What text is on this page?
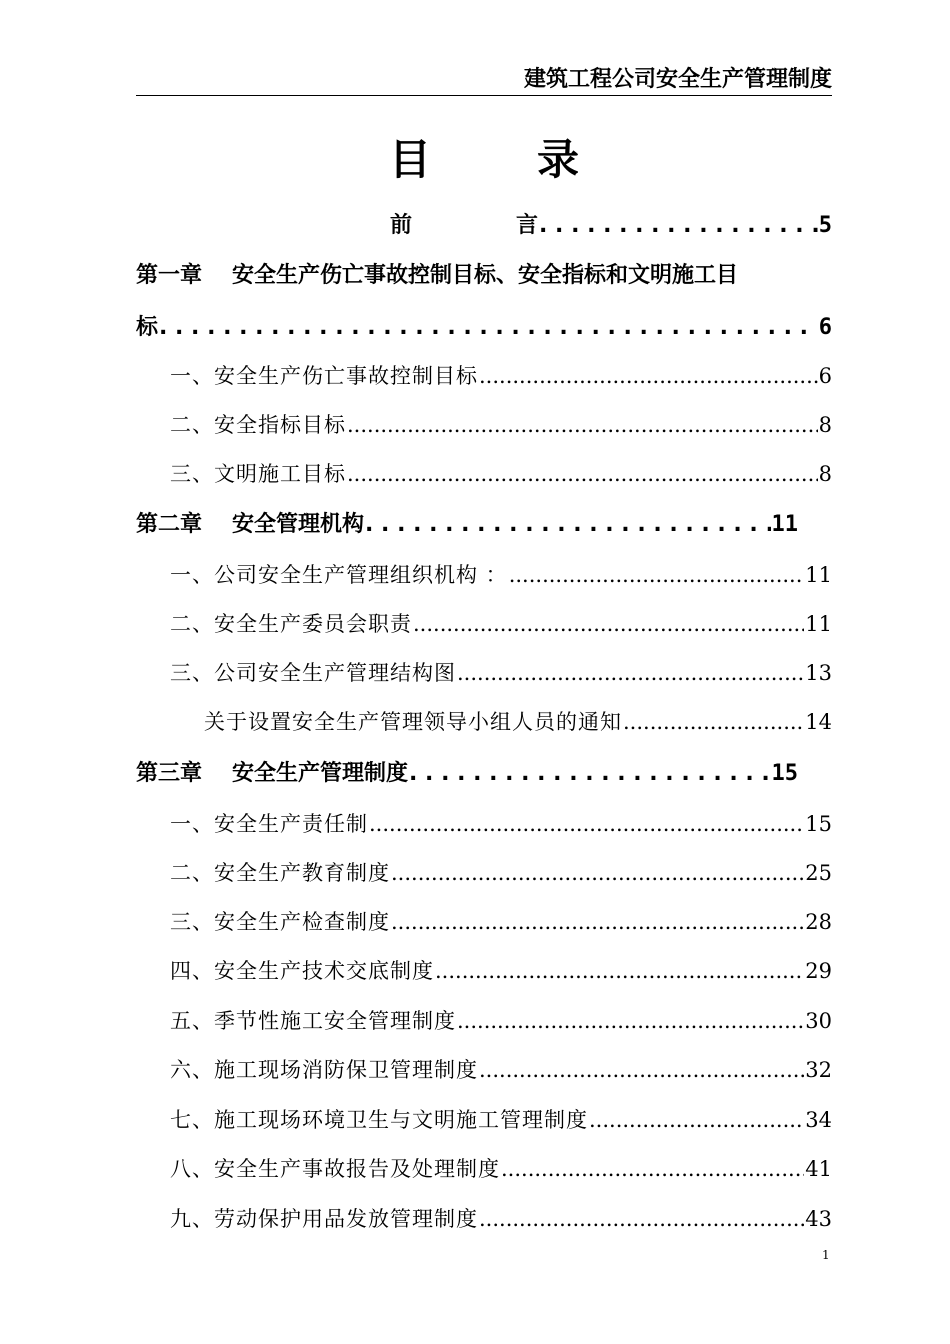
建筑工程公司安全生产管理制度
目录
前	言 . . .	5
第一章 安全生产伤亡事故控制目标、安全指标和文明施工目
标 . . .	6
一、安全生产伤亡事故控制目标 .....	6
二、安全指标目标 .....	8
三、文明施工目标 .....	8
第二章 安全管理机构 . . .	11
一、公司安全生产管理组织机构 ： .....	11
二、安全生产委员会职责 .....	11
三、公司安全生产管理结构图 .....	13
关于设置安全生产管理领导小组人员的通知 .....	14
第三章 安全生产管理制度 . . .	15
一、安全生产责任制 .....	15
二、安全生产教育制度 .....	25
三、安全生产检查制度 .....	28
四、安全生产技术交底制度 .....	29
五、季节性施工安全管理制度 .....	30
六、施工现场消防保卫管理制度 .....	32
七、施工现场环境卫生与文明施工管理制度 .....	34
八、安全生产事故报告及处理制度 .....	41
九、劳动保护用品发放管理制度 .....	43
1
